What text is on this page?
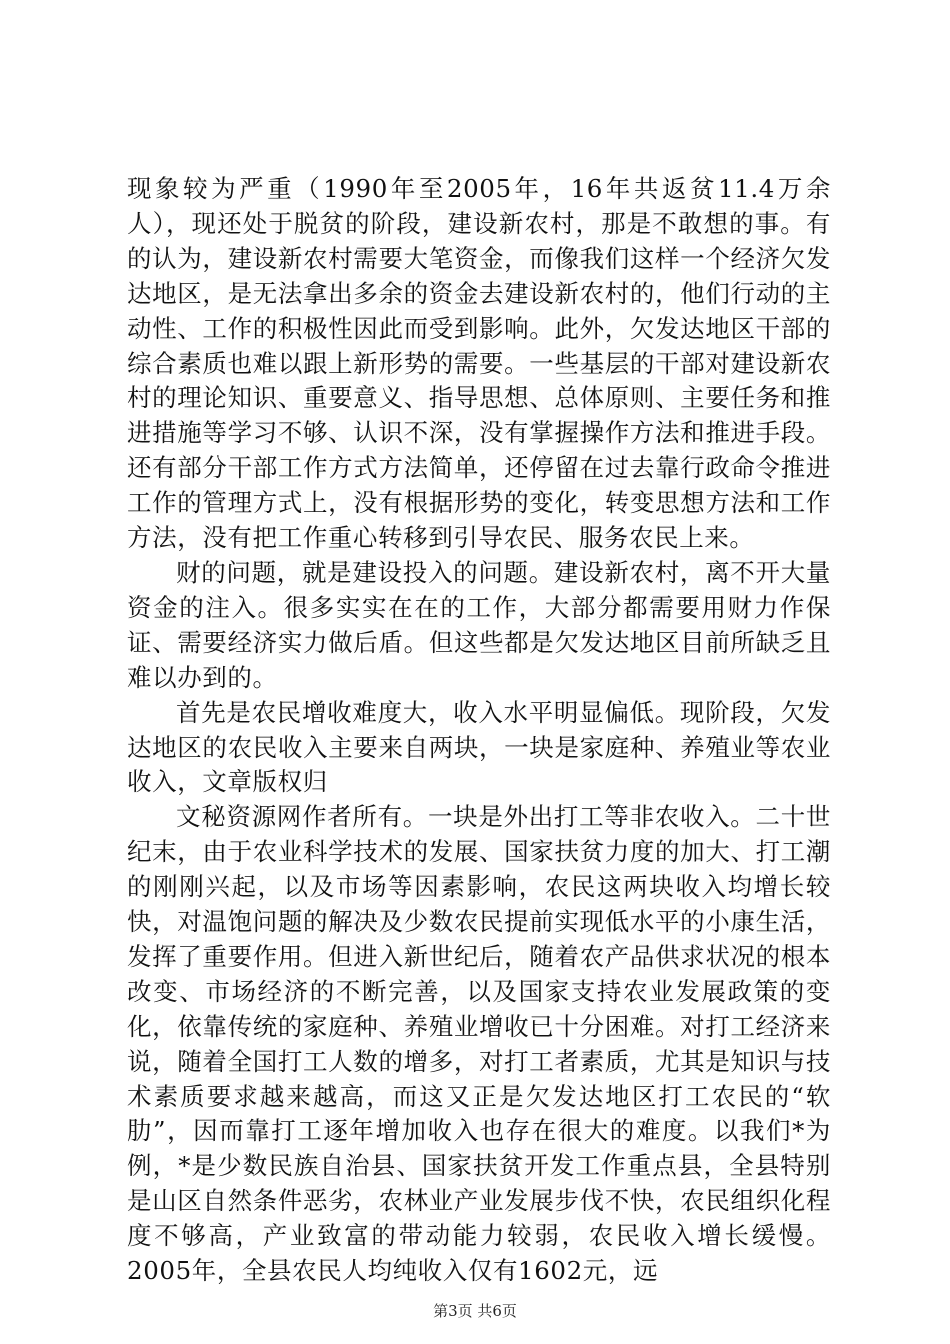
现象较为严重（1990年至2005年，16年共返贫11.4万余人），现还处于脱贫的阶段，建设新农村，那是不敢想的事。有的认为，建设新农村需要大笔资金，而像我们这样一个经济欠发达地区，是无法拿出多余的资金去建设新农村的，他们行动的主动性、工作的积极性因此而受到影响。此外，欠发达地区干部的综合素质也难以跟上新形势的需要。一些基层的干部对建设新农村的理论知识、重要意义、指导思想、总体原则、主要任务和推进措施等学习不够、认识不深，没有掌握操作方法和推进手段。还有部分干部工作方式方法简单，还停留在过去靠行政命令推进工作的管理方式上，没有根据形势的变化，转变思想方法和工作方法，没有把工作重心转移到引导农民、服务农民上来。

财的问题，就是建设投入的问题。建设新农村，离不开大量资金的注入。很多实实在在的工作，大部分都需要用财力作保证、需要经济实力做后盾。但这些都是欠发达地区目前所缺乏且难以办到的。

首先是农民增收难度大，收入水平明显偏低。现阶段，欠发达地区的农民收入主要来自两块，一块是家庭种、养殖业等农业收入，文章版权归

文秘资源网作者所有。一块是外出打工等非农收入。二十世纪末，由于农业科学技术的发展、国家扶贫力度的加大、打工潮的刚刚兴起，以及市场等因素影响，农民这两块收入均增长较快，对温饱问题的解决及少数农民提前实现低水平的小康生活，发挥了重要作用。但进入新世纪后，随着农产品供求状况的根本改变、市场经济的不断完善，以及国家支持农业发展政策的变化，依靠传统的家庭种、养殖业增收已十分困难。对打工经济来说，随着全国打工人数的增多，对打工者素质，尤其是知识与技术素质要求越来越高，而这又正是欠发达地区打工农民的“软肋”，因而靠打工逐年增加收入也存在很大的难度。以我们*为例，*是少数民族自治县、国家扶贫开发工作重点县，全县特别是山区自然条件恶劣，农林业产业发展步伐不快，农民组织化程度不够高，产业致富的带动能力较弱，农民收入增长缓慢。2005年，全县农民人均纯收入仅有1602元，远

第3页 共6页
